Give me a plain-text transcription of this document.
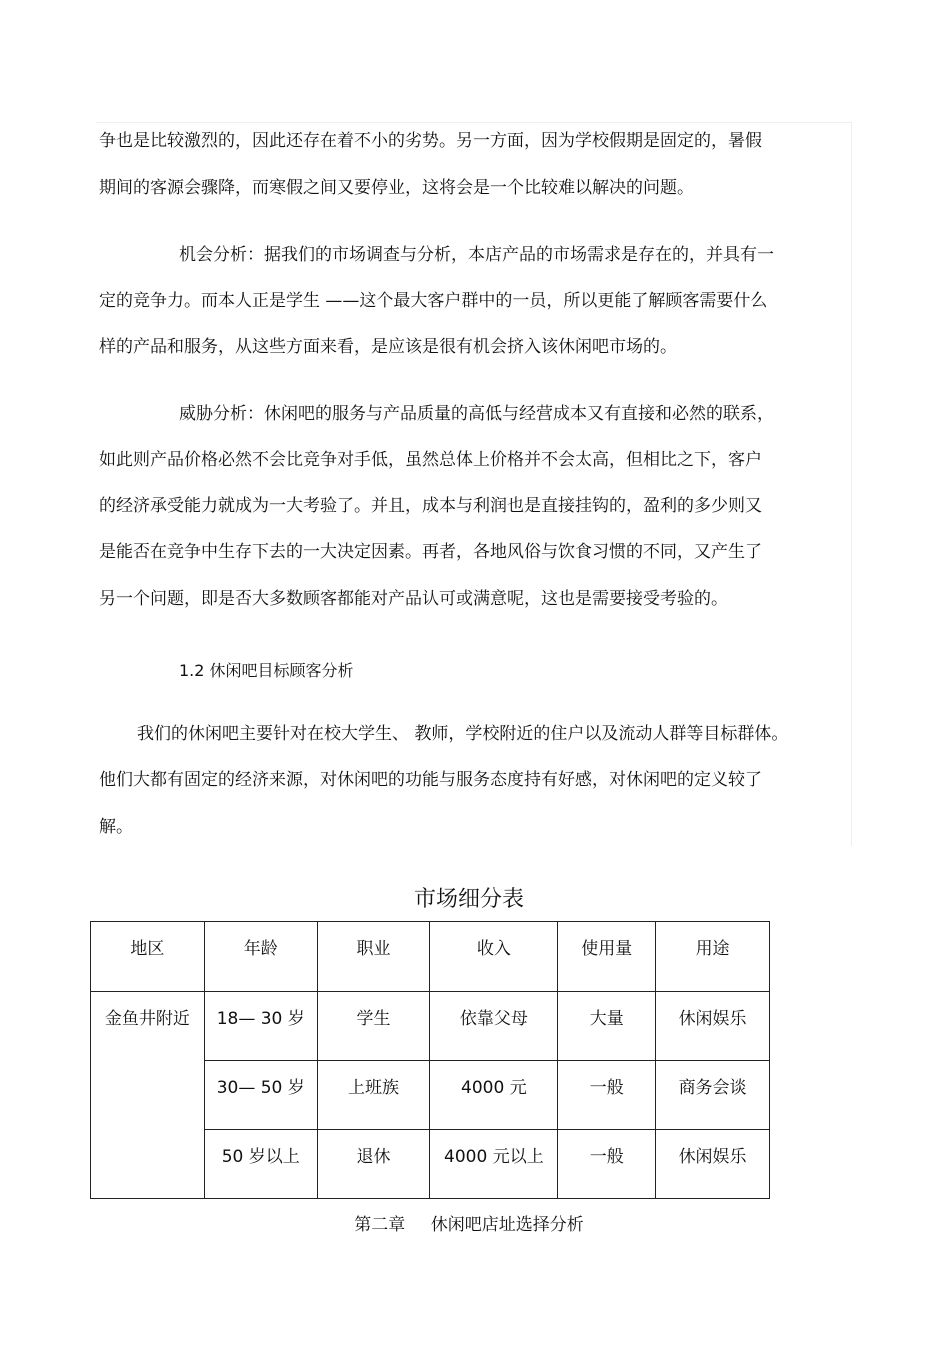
争也是比较激烈的，因此还存在着不小的劣势。另一方面，因为学校假期是固定的，暑假

期间的客源会骤降，而寒假之间又要停业，这将会是一个比较难以解决的问题。

机会分析：据我们的市场调查与分析，本店产品的市场需求是存在的，并具有一

定的竞争力。而本人正是学生 ——这个最大客户群中的一员，所以更能了解顾客需要什么

样的产品和服务，从这些方面来看，是应该是很有机会挤入该休闲吧市场的。

威胁分析：休闲吧的服务与产品质量的高低与经营成本又有直接和必然的联系，

如此则产品价格必然不会比竞争对手低，虽然总体上价格并不会太高，但相比之下，客户

的经济承受能力就成为一大考验了。并且，成本与利润也是直接挂钩的，盈利的多少则又

是能否在竞争中生存下去的一大决定因素。再者，各地风俗与饮食习惯的不同，又产生了

另一个问题，即是否大多数顾客都能对产品认可或满意呢，这也是需要接受考验的。

1.2 休闲吧目标顾客分析

我们的休闲吧主要针对在校大学生、 教师，学校附近的住户以及流动人群等目标群体。

他们大都有固定的经济来源，对休闲吧的功能与服务态度持有好感，对休闲吧的定义较了

解。

市场细分表

地区	年龄	职业	收入	使用量	用途
金鱼井附近	18— 30 岁	学生	依靠父母	大量	休闲娱乐
	30— 50 岁	上班族	4000 元	一般	商务会谈
	50 岁以上	退休	4000 元以上	一般	休闲娱乐

第二章 休闲吧店址选择分析
